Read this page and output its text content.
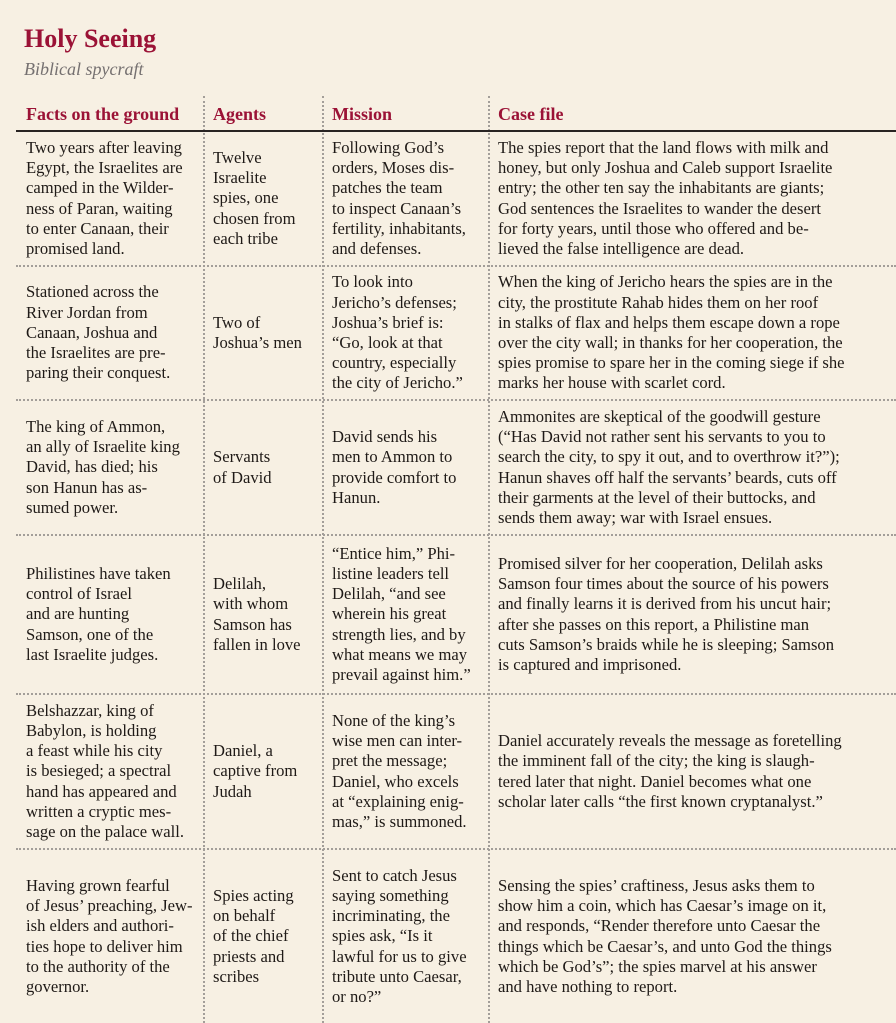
Holy Seeing

Biblical spycraft

Facts on the ground Agents	Mission	Case file
Two years after leaving
Egypt, the Israelites are
camped in the Wilder-
ness of Paran, waiting
to enter Canaan, their
promised land.
Twelve
Israelite
spies, one
chosen from
each tribe
Following God’s
orders, Moses dis-
patches the team
to inspect Canaan’s
fertility, inhabitants,
and defenses.
The spies report that the land flows with milk and
honey, but only Joshua and Caleb support Israelite
entry; the other ten say the inhabitants are giants;
God sentences the Israelites to wander the desert
for forty years, until those who offered and be-
lieved the false intelligence are dead.
Stationed across the
River Jordan from
Canaan, Joshua and
the Israelites are pre-
paring their conquest.
Two of
Joshua’s men
To look into
Jericho’s defenses;
Joshua’s brief is:
“Go, look at that
country, especially
the city of Jericho.”
When the king of Jericho hears the spies are in the
city, the prostitute Rahab hides them on her roof
in stalks of flax and helps them escape down a rope
over the city wall; in thanks for her cooperation, the
spies promise to spare her in the coming siege if she
marks her house with scarlet cord.
The king of Ammon,
an ally of Israelite king
David, has died; his
son Hanun has as-
sumed power.
Servants
of David
David sends his
men to Ammon to
provide comfort to
Hanun.
Ammonites are skeptical of the goodwill gesture
(“Has David not rather sent his servants to you to
search the city, to spy it out, and to overthrow it?”);
Hanun shaves off half the servants’ beards, cuts off
their garments at the level of their buttocks, and
sends them away; war with Israel ensues.
Philistines have taken
control of Israel
and are hunting
Samson, one of the
last Israelite judges.
Delilah,
with whom
Samson has
fallen in love
“Entice him,” Phi-
listine leaders tell
Delilah, “and see
wherein his great
strength lies, and by
what means we may
prevail against him.”
Promised silver for her cooperation, Delilah asks
Samson four times about the source of his powers
and finally learns it is derived from his uncut hair;
after she passes on this report, a Philistine man
cuts Samson’s braids while he is sleeping; Samson
is captured and imprisoned.
Belshazzar, king of
Babylon, is holding
a feast while his city
is besieged; a spectral
hand has appeared and
written a cryptic mes-
sage on the palace wall.
Daniel, a
captive from
Judah
None of the king’s
wise men can inter-
pret the message;
Daniel, who excels
at “explaining enig-
mas,” is summoned.
Daniel accurately reveals the message as foretelling
the imminent fall of the city; the king is slaugh-
tered later that night. Daniel becomes what one
scholar later calls “the first known cryptanalyst.”
Having grown fearful
of Jesus’ preaching, Jew-
ish elders and authori-
ties hope to deliver him
to the authority of the
governor.
Spies acting
on behalf
of the chief
priests and
scribes
Sent to catch Jesus
saying something
incriminating, the
spies ask, “Is it
lawful for us to give
tribute unto Caesar,
or no?”
Sensing the spies’ craftiness, Jesus asks them to
show him a coin, which has Caesar’s image on it,
and responds, “Render therefore unto Caesar the
things which be Caesar’s, and unto God the things
which be God’s”; the spies marvel at his answer
and have nothing to report.
